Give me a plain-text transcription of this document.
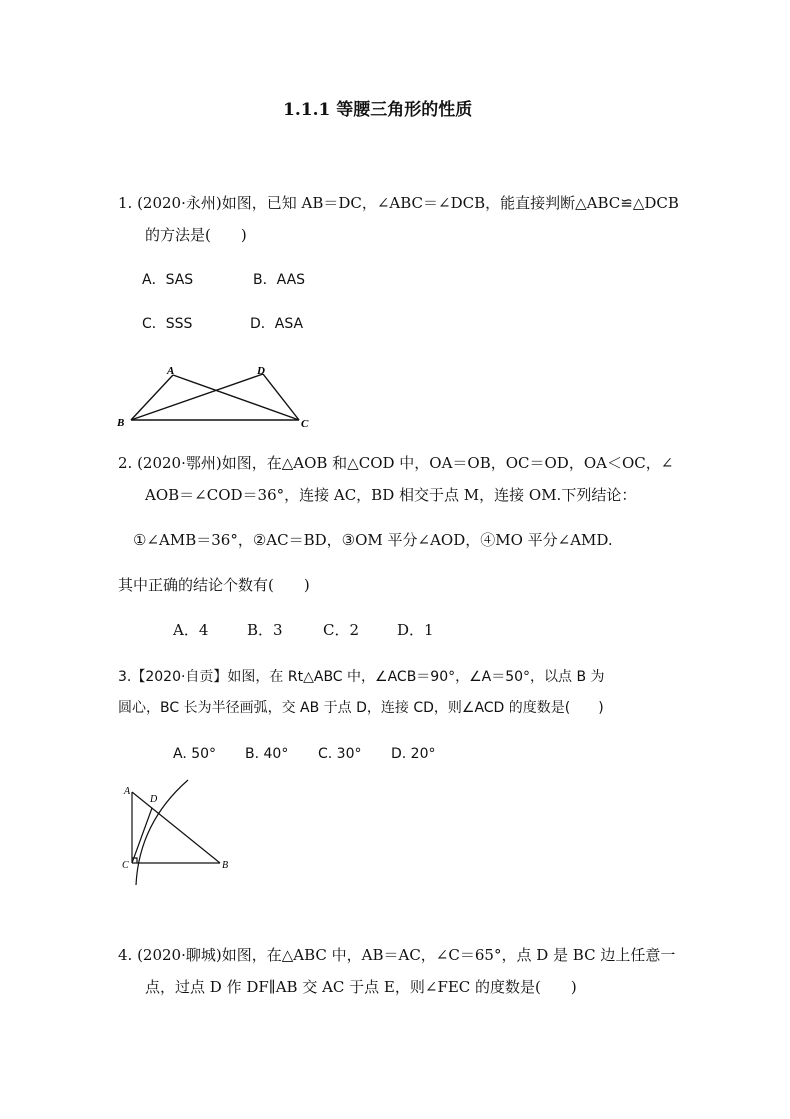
1.1.1 等腰三角形的性质
1. (2020·永州)如图，已知 AB＝DC，∠ABC＝∠DCB，能直接判断△ABC≌△DCB
的方法是(　　)
A．SAS	B．AAS
C．SSS	D．ASA
A	D
B	C
2. (2020·鄂州)如图，在△AOB 和△COD 中，OA＝OB，OC＝OD，OA＜OC，∠
AOB＝∠COD＝36°，连接 AC，BD 相交于点 M，连接 OM.下列结论：
①∠AMB＝36°，②AC＝BD，③OM 平分∠AOD，④MO 平分∠AMD.
其中正确的结论个数有(　　)
A．4	B．3	C．2	D．1
3.【2020·自贡】如图，在 Rt△ABC 中，∠ACB＝90°，∠A＝50°，以点 B 为
圆心，BC 长为半径画弧，交 AB 于点 D，连接 CD，则∠ACD 的度数是(　　)
A. 50° B. 40° C. 30° D. 20°
A
D
C	B
4. (2020·聊城)如图，在△ABC 中，AB＝AC，∠C＝65°，点 D 是 BC 边上任意一
点，过点 D 作 DF∥AB 交 AC 于点 E，则∠FEC 的度数是(　　)
